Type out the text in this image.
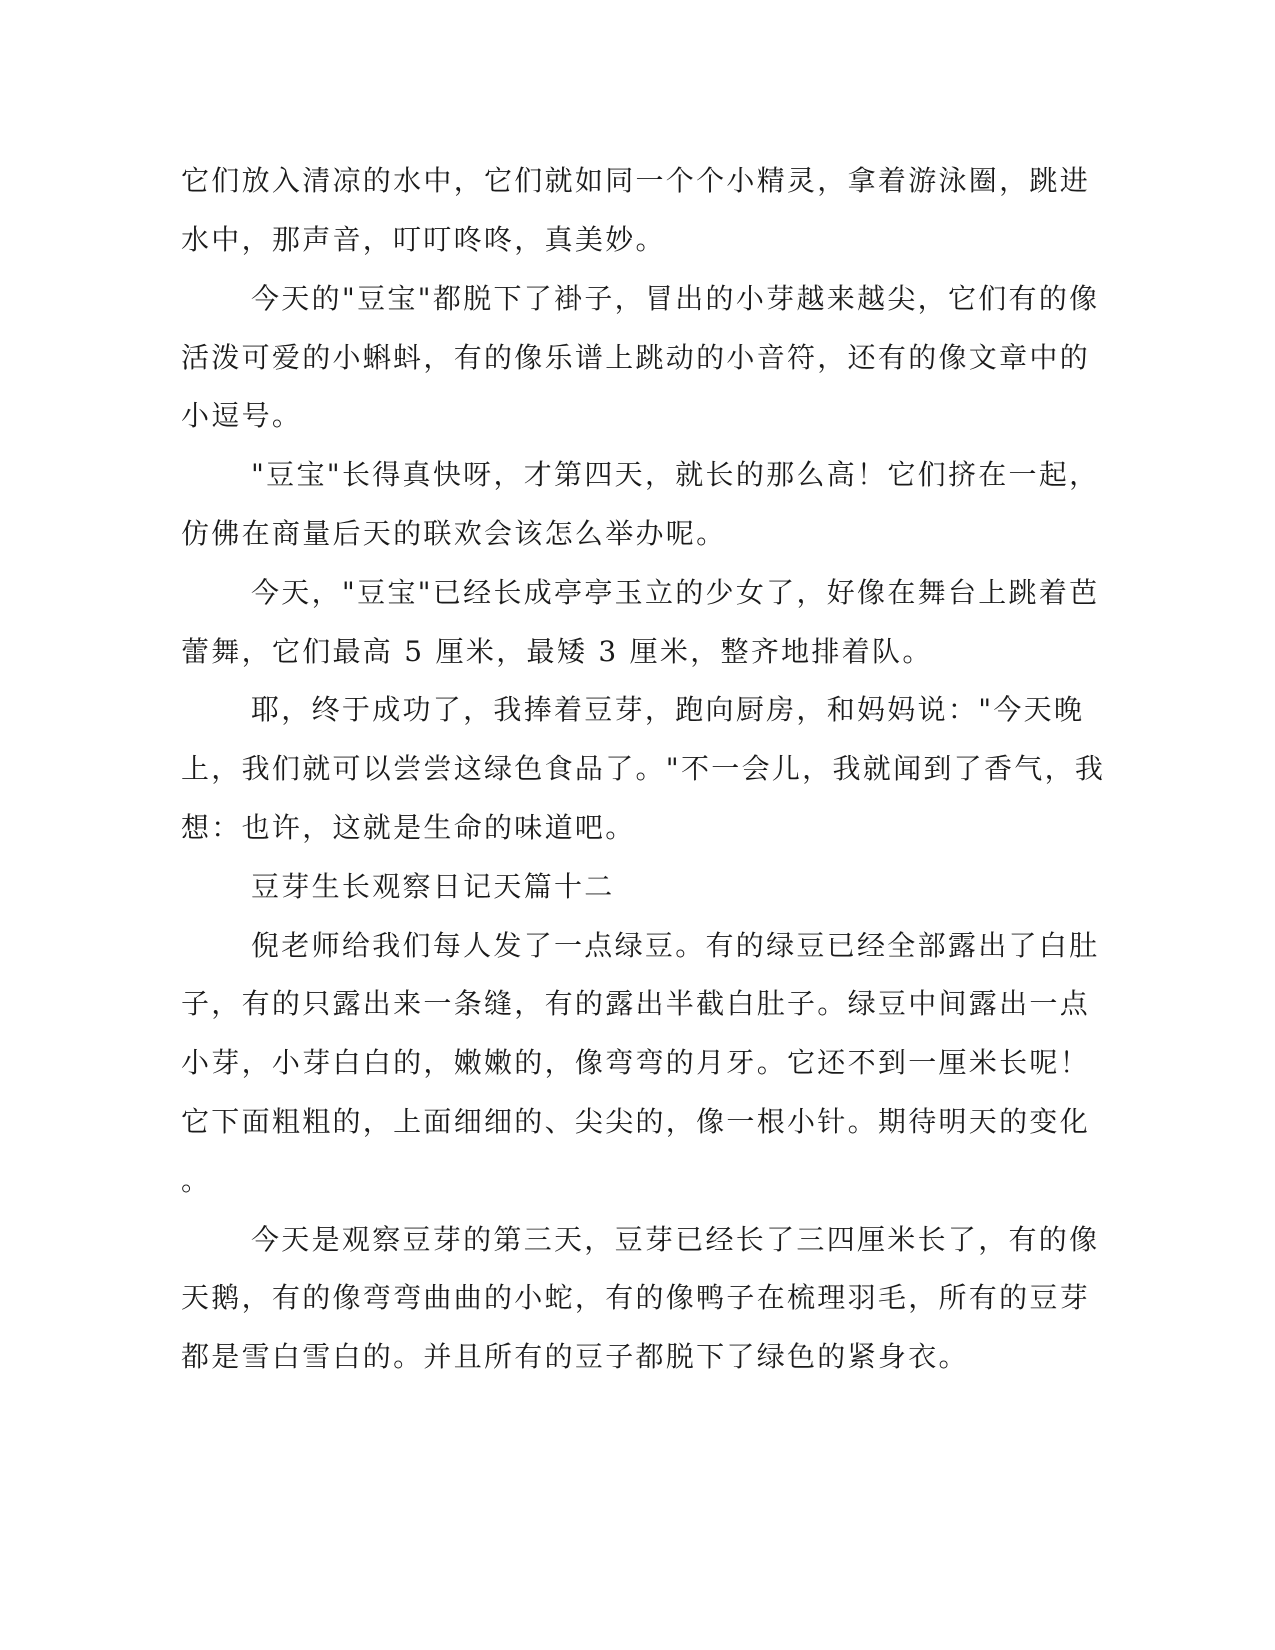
它们放入清凉的水中，它们就如同一个个小精灵，拿着游泳圈，跳进
水中，那声音，叮叮咚咚，真美妙。
今天的"豆宝"都脱下了褂子，冒出的小芽越来越尖，它们有的像
活泼可爱的小蝌蚪，有的像乐谱上跳动的小音符，还有的像文章中的
小逗号。
"豆宝"长得真快呀，才第四天，就长的那么高！它们挤在一起，
仿佛在商量后天的联欢会该怎么举办呢。
今天，"豆宝"已经长成亭亭玉立的少女了，好像在舞台上跳着芭
蕾舞，它们最高 5 厘米，最矮 3 厘米，整齐地排着队。
耶，终于成功了，我捧着豆芽，跑向厨房，和妈妈说："今天晚
上，我们就可以尝尝这绿色食品了。"不一会儿，我就闻到了香气，我
想：也许，这就是生命的味道吧。
豆芽生长观察日记天篇十二
倪老师给我们每人发了一点绿豆。有的绿豆已经全部露出了白肚
子，有的只露出来一条缝，有的露出半截白肚子。绿豆中间露出一点
小芽，小芽白白的，嫩嫩的，像弯弯的月牙。它还不到一厘米长呢！
它下面粗粗的，上面细细的、尖尖的，像一根小针。期待明天的变化
。
今天是观察豆芽的第三天，豆芽已经长了三四厘米长了，有的像
天鹅，有的像弯弯曲曲的小蛇，有的像鸭子在梳理羽毛，所有的豆芽
都是雪白雪白的。并且所有的豆子都脱下了绿色的紧身衣。
